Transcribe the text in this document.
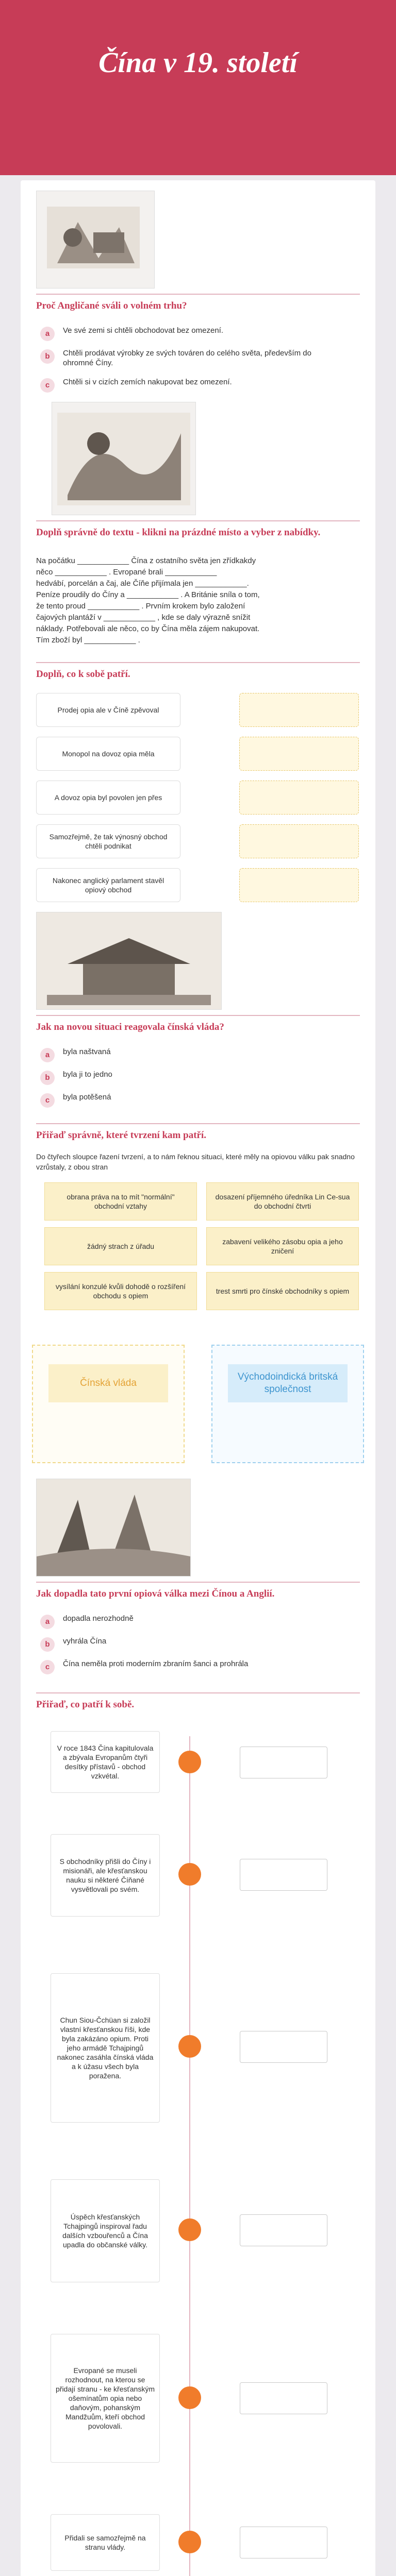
Čína v 19. století
Proč Angličané sváli o volném trhu?
a	Ve své zemi si chtěli obchodovat bez omezení.
b	Chtěli prodávat výrobky ze svých továren do celého světa, především do ohromné Číny.
c	Chtěli si v cizích zemích nakupovat bez omezení.
Doplň správně do textu - klikni na prázdné místo a vyber z nabídky.
Na počátku ____________ Čína z ostatního světa jen zřídkakdy
něco ____________ . Evropané brali ____________
hedvábí, porcelán a čaj, ale Číňe přijímala jen ____________.
Peníze proudily do Číny a ____________ . A Británie sníla o tom,
že tento proud ____________ . Prvním krokem bylo založení
čajových plantáží v ____________ , kde se daly výrazně snížit
náklady. Potřebovali ale něco, co by Čína měla zájem nakupovat.
Tím zboží byl ____________ .
Doplň, co k sobě patří.
Prodej opia ale v Číně zpěvoval
Monopol na dovoz opia měla
A dovoz opia byl povolen jen přes
Samozřejmě, že tak výnosný obchod chtěli podnikat
Nakonec anglický parlament stavěl opiový obchod
Jak na novou situaci reagovala čínská vláda?
a	byla naštvaná
b	byla ji to jedno
c	byla potěšená
Přiřaď správně, které tvrzení kam patří.

Do čtyřech sloupce řazení tvrzení, a to nám řeknou situaci, které měly na opiovou válku pak snadno vzrůstaly, z obou stran

obrana práva na to mít "normální" obchodní vztahy
dosazení příjemného úředníka Lin Ce-sua do obchodní čtvrti
žádný strach z úřadu
zabavení velikého zásobu opia a jeho zničení
vysílání konzulé kvůli dohodě o rozšíření obchodu s opiem
trest smrti pro čínské obchodníky s opiem
Čínská vláda
Východoindická britská společnost
Jak dopadla tato první opiová válka mezi Čínou a Anglií.
a	dopadla nerozhodně
b	vyhrála Čína
c	Čína neměla proti moderním zbraním šanci a prohrála
Přiřaď, co patří k sobě.
V roce 1843 Čína kapitulovala a zbývala Evropanům čtyři desítky přístavů - obchod vzkvétal.
S obchodníky přišli do Číny i misionáři, ale křesťanskou nauku si některé Číňané vysvětlovali po svém.
Chun Siou-Čchüan si založil vlastní křesťanskou říši, kde byla zakázáno opium. Proti jeho armádě Tchajpingů nakonec zasáhla čínská vláda a k úžasu všech byla poražena.
Úspěch křesťanských Tchajpingů inspiroval řadu dalších vzbouřenců a Čína upadla do občanské války.
Evropané se museli rozhodnout, na kterou se přidají stranu - ke křesťanským ošemínatům opia nebo daňovým, pohanským Mandžuům, kteří obchod povolovali.
Přidali se samozřejmě na stranu vlády.
